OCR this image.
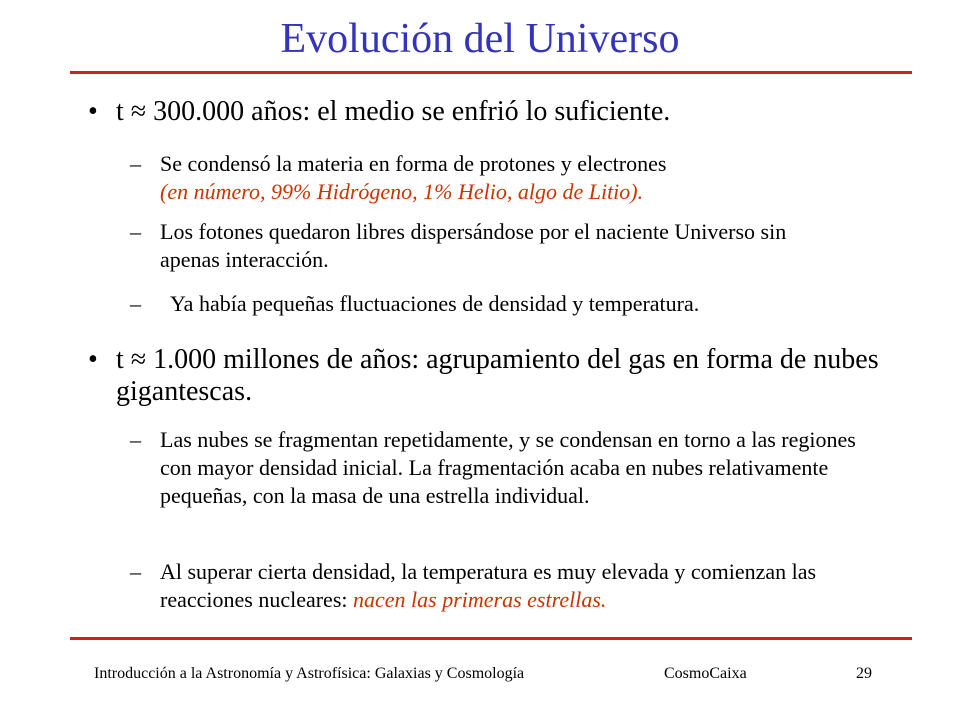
Evolución del Universo
• t ≈ 300.000 años: el medio se enfrió lo suficiente.
– Se condensó la materia en forma de protones y electrones
(en número, 99% Hidrógeno, 1% Helio, algo de Litio).
– Los fotones quedaron libres dispersándose por el naciente Universo sin apenas interacción.
– Ya había pequeñas fluctuaciones de densidad y temperatura.
• t ≈ 1.000 millones de años: agrupamiento del gas en forma de nubes gigantescas.
– Las nubes se fragmentan repetidamente, y se condensan en torno a las regiones con mayor densidad inicial. La fragmentación acaba en nubes relativamente pequeñas, con la masa de una estrella individual.
– Al superar cierta densidad, la temperatura es muy elevada y comienzan las reacciones nucleares: nacen las primeras estrellas.
Introducción a la Astronomía y Astrofísica: Galaxias y Cosmología	CosmoCaixa	29
